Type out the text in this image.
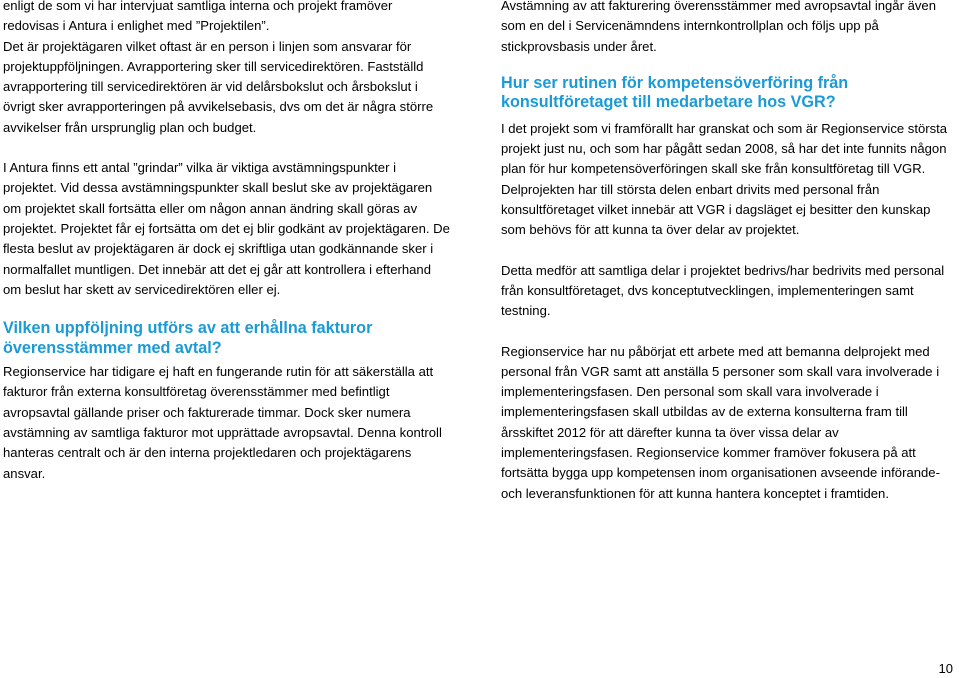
enligt de som vi har intervjuat samtliga interna och projekt framöver
redovisas i Antura i enlighet med ”Projektilen”.
Det är projektägaren vilket oftast är en person i linjen som ansvarar för
projektuppföljningen. Avrapportering sker till servicedirektören. Fastställd
avrapportering till servicedirektören är vid delårsbokslut och årsbokslut i
övrigt sker avrapporteringen på avvikelsebasis, dvs om det är några större
avvikelser från ursprunglig plan och budget.

I Antura finns ett antal ”grindar” vilka är viktiga avstämningspunkter i
projektet. Vid dessa avstämningspunkter skall beslut ske av projektägaren
om projektet skall fortsätta eller om någon annan ändring skall göras av
projektet. Projektet får ej fortsätta om det ej blir godkänt av projektägaren. De
flesta beslut av projektägaren är dock ej skriftliga utan godkännande sker i
normalfallet muntligen. Det innebär att det ej går att kontrollera i efterhand
om beslut har skett av servicedirektören eller ej.

Vilken uppföljning utförs av att erhållna fakturor
överensstämmer med avtal?

Regionservice har tidigare ej haft en fungerande rutin för att säkerställa att
fakturor från externa konsultföretag överensstämmer med befintligt
avropsavtal gällande priser och fakturerade timmar. Dock sker numera
avstämning av samtliga fakturor mot upprättade avropsavtal. Denna kontroll
hanteras centralt och är den interna projektledaren och projektägarens
ansvar.

Avstämning av att fakturering överensstämmer med avropsavtal ingår även
som en del i Servicenämndens internkontrollplan och följs upp på
stickprovsbasis under året.

Hur ser rutinen för kompetensöverföring från
konsultföretaget till medarbetare hos VGR?

I det projekt som vi framförallt har granskat och som är Regionservice största
projekt just nu, och som har pågått sedan 2008, så har det inte funnits någon
plan för hur kompetensöverföringen skall ske från konsultföretag till VGR.
Delprojekten har till största delen enbart drivits med personal från
konsultföretaget vilket innebär att VGR i dagsläget ej besitter den kunskap
som behövs för att kunna ta över delar av projektet.

Detta medför att samtliga delar i projektet bedrivs/har bedrivits med personal
från konsultföretaget, dvs konceptutvecklingen, implementeringen samt
testning.

Regionservice har nu påbörjat ett arbete med att bemanna delprojekt med
personal från VGR samt att anställa 5 personer som skall vara involverade i
implementeringsfasen. Den personal som skall vara involverade i
implementeringsfasen skall utbildas av de externa konsulterna fram till
årsskiftet 2012 för att därefter kunna ta över vissa delar av
implementeringsfasen. Regionservice kommer framöver fokusera på att
fortsätta bygga upp kompetensen inom organisationen avseende införande-
och leveransfunktionen för att kunna hantera konceptet i framtiden.

10
